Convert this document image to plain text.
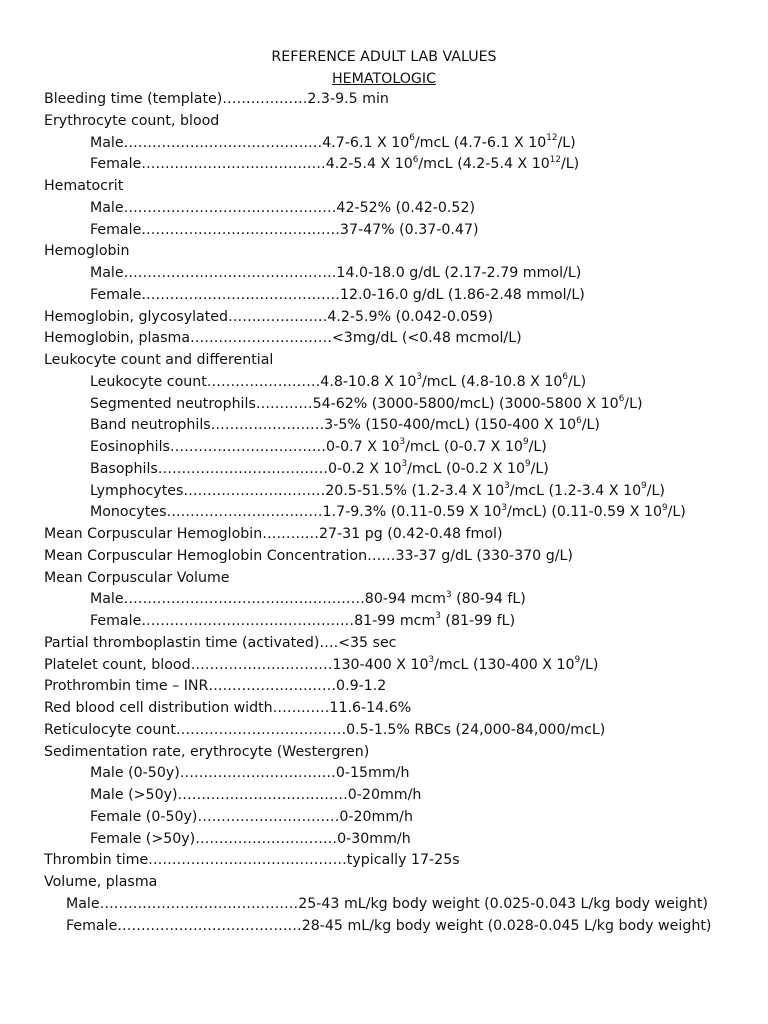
REFERENCE ADULT LAB VALUES
HEMATOLOGIC
Bleeding time (template)………………2.3-9.5 min
Erythrocyte count, blood
Male……………………………………4.7-6.1 X $10^6$/mcL (4.7-6.1 X $10^{12}/L$)
Female…………………………………4.2-5.4 X $10^6$/mcL (4.2-5.4 X $10^{12}/L$)
Hematocrit
Male………………………………………42-52% (0.42-0.52)
Female……………………………………37-47% (0.37-0.47)
Hemoglobin
Male………………………………………14.0-18.0 g/dL (2.17-2.79 mmol/L)
Female……………………………………12.0-16.0 g/dL (1.86-2.48 mmol/L)
Hemoglobin, glycosylated…………………4.2-5.9% (0.042-0.059)
Hemoglobin, plasma…………………………<3mg/dL (<0.48 mcmol/L)
Leukocyte count and differential
Leukocyte count……………………4.8-10.8 X $10^3$/mcL (4.8-10.8 X $10^6/L$)
Segmented neutrophils…………54-62% (3000-5800/mcL) (3000-5800 X $10^6/L$)
Band neutrophils……………………3-5% (150-400/mcL) (150-400 X $10^6/L$)
Eosinophils……………………………0-0.7 X $10^3$/mcL (0-0.7 X $10^9/L$)
Basophils………………………………0-0.2 X $10^3$/mcL (0-0.2 X $10^9/L$)
Lymphocytes…………………………20.5-51.5% (1.2-3.4 X $10^3$/mcL (1.2-3.4 X $10^9/L$)
Monocytes……………………………1.7-9.3% (0.11-0.59 X $10^3/mcL$) (0.11-0.59 X $10^9/L$)
Mean Corpuscular Hemoglobin…………27-31 pg (0.42-0.48 fmol)
Mean Corpuscular Hemoglobin Concentration……33-37 g/dL (330-370 g/L)
Mean Corpuscular Volume
Male……………………………………………80-94 mcm$^3$ (80-94 fL)
Female………………………………………81-99 mcm$^3$ (81-99 fL)
Partial thromboplastin time (activated)….<35 sec
Platelet count, blood…………………………130-400 X $10^3$/mcL (130-400 X $10^9/L$)
Prothrombin time – INR………………………0.9-1.2
Red blood cell distribution width…………11.6-14.6%
Reticulocyte count………………………………0.5-1.5% RBCs (24,000-84,000/mcL)
Sedimentation rate, erythrocyte (Westergren)
Male (0-50y)……………………………0-15mm/h
Male (>50y)………………………………0-20mm/h
Female (0-50y)…………………………0-20mm/h
Female (>50y)…………………………0-30mm/h
Thrombin time……………………………………typically 17-25s
Volume, plasma
Male……………………………………25-43 mL/kg body weight (0.025-0.043 L/kg body weight)
Female…………………………………28-45 mL/kg body weight (0.028-0.045 L/kg body weight)
